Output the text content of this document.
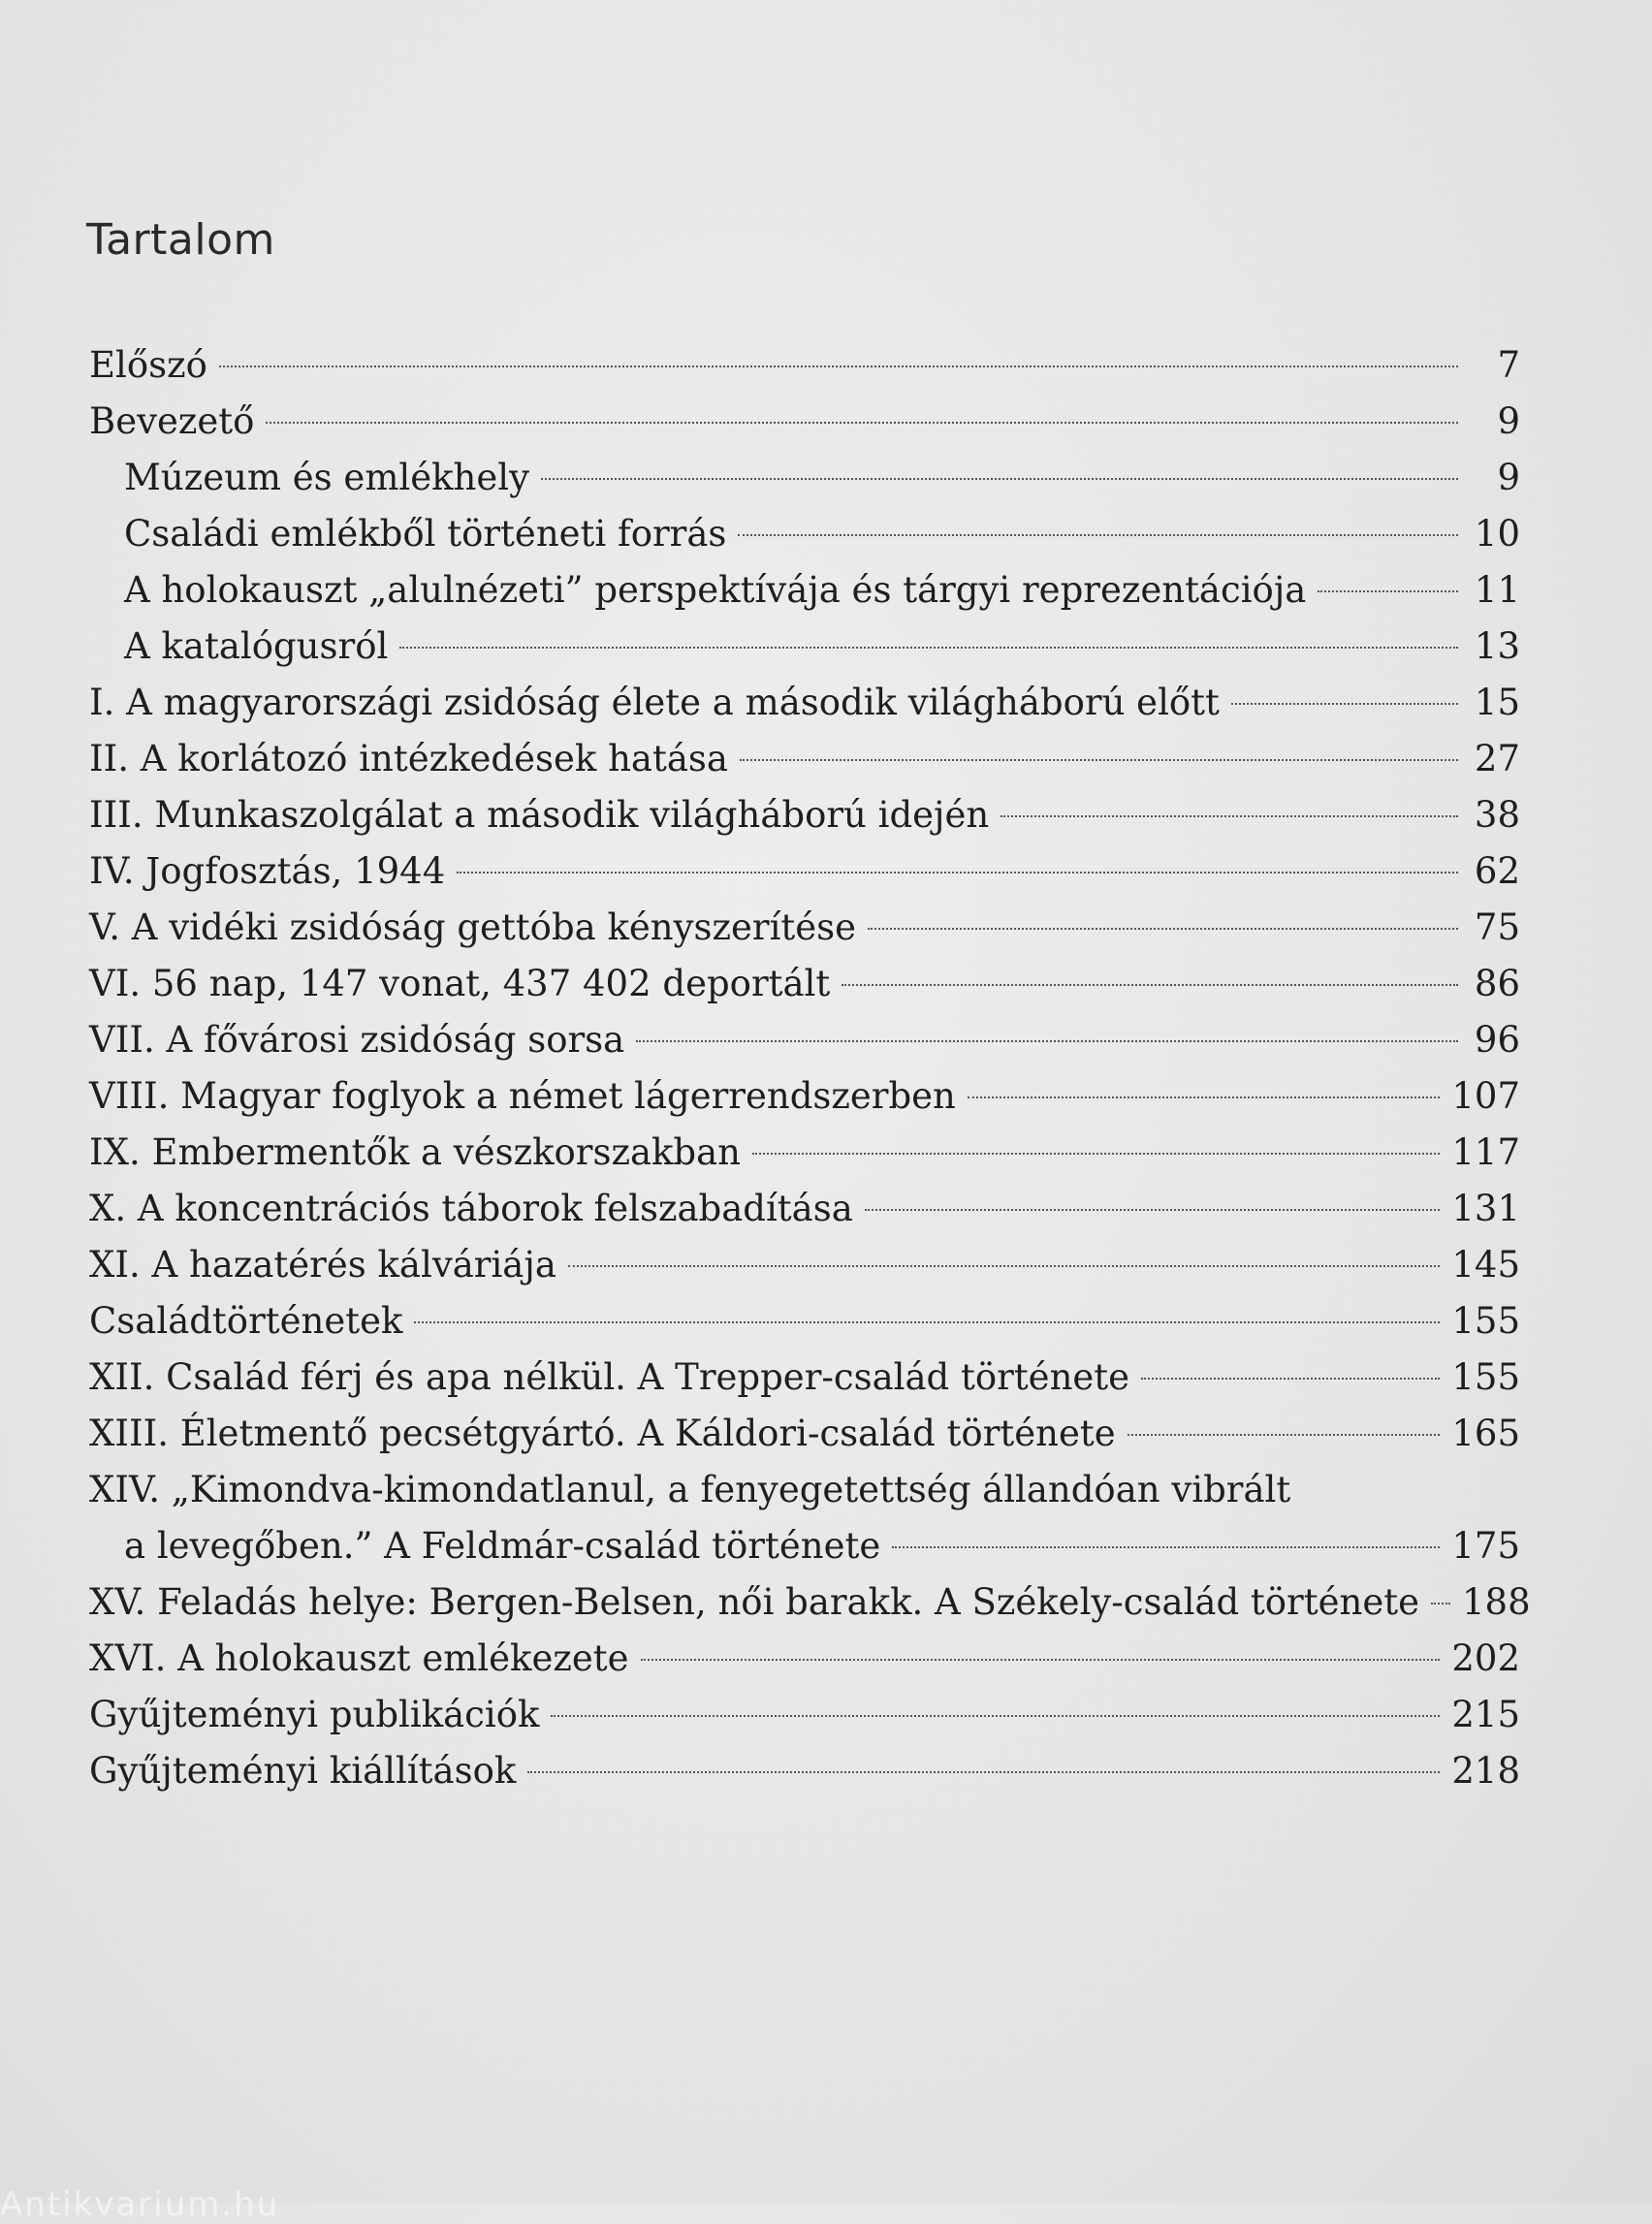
Tartalom
Előszó	7
Bevezető	9
Múzeum és emlékhely	9
Családi emlékből történeti forrás	10
A holokauszt „alulnézeti” perspektívája és tárgyi reprezentációja	11
A katalógusról	13
I. A magyarországi zsidóság élete a második világháború előtt	15
II. A korlátozó intézkedések hatása	27
III. Munkaszolgálat a második világháború idején	38
IV. Jogfosztás, 1944	62
V. A vidéki zsidóság gettóba kényszerítése	75
VI. 56 nap, 147 vonat, 437 402 deportált	86
VII. A fővárosi zsidóság sorsa	96
VIII. Magyar foglyok a német lágerrendszerben	107
IX. Embermentők a vészkorszakban	117
X. A koncentrációs táborok felszabadítása	131
XI. A hazatérés kálváriája	145
Családtörténetek	155
XII. Család férj és apa nélkül. A Trepper-család története	155
XIII. Életmentő pecsétgyártó. A Káldori-család története	165
XIV. „Kimondva-kimondatlanul, a fenyegetettség állandóan vibrált
a levegőben.” A Feldmár-család története	175
XV. Feladás helye: Bergen-Belsen, női barakk. A Székely-család története 188
XVI. A holokauszt emlékezete	202
Gyűjteményi publikációk	215
Gyűjteményi kiállítások	218
Antikvarium.hu
